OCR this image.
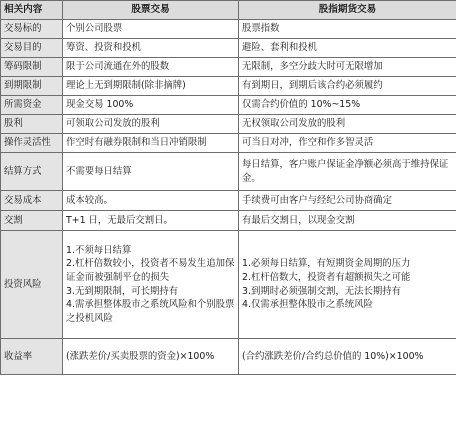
相关内容	股票交易	股指期货交易
交易标的	个别公司股票	股票指数

交易目的	筹资、投资和投机	避险、套利和投机

筹码限制	限于公司流通在外的股数	无限制，多空分歧大时可无限增加

到期限制	理论上无到期限制(除非摘牌)	有到期日，到期后该合约必须履约

所需资金	现金交易 100%	仅需合约价值的 10%~15%

股利	可领取公司发放的股利	无权领取公司发放的股利

操作灵活性	作空时有融券限制和当日冲销限制	可当日对冲，作空和作多智灵活

结算方式	不需要每日结算	每日结算，客户账户保证金净额必须高于维持保证金。

交易成本	成本较高。	手续费可由客户与经纪公司协商确定

交割	T+1 日，无最后交割日。	有最后交割日，以现金交割

投资风险	1.不须每日结算
2.杠杆倍数较小，投资者不易发生追加保证金而被强制平仓的损失
3.无到期限制，可长期持有
4.需承担整体股市之系统风险和个别股票之投机风险	1.必须每日结算，有短期资金周期的压力
2.杠杆倍数大，投资者有超额损失之可能
3.到期时必须强制交割，无法长期持有
4.仅需承担整体股市之系统风险

收益率	(涨跌差价/买卖股票的资金)×100%	(合约涨跌差价/合约总价值的 10%)×100%
